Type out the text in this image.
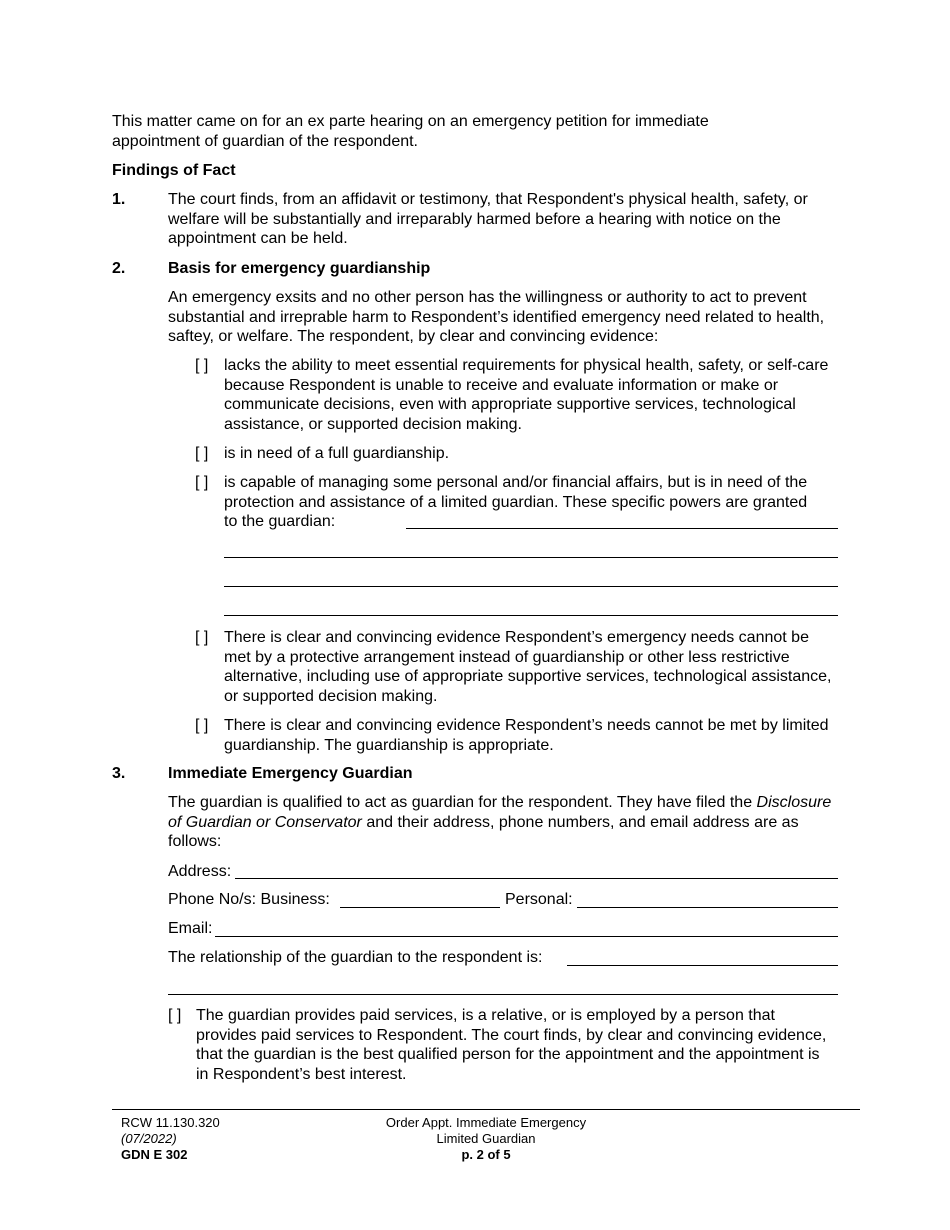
This matter came on for an ex parte hearing on an emergency petition for immediate appointment of guardian of the respondent.

Findings of Fact
1.	The court finds, from an affidavit or testimony, that Respondent's physical health, safety, or welfare will be substantially and irreparably harmed before a hearing with notice on the appointment can be held.

2.	Basis for emergency guardianship

An emergency exsits and no other person has the willingness or authority to act to prevent substantial and irreprable harm to Respondent’s identified emergency need related to health, saftey, or welfare. The respondent, by clear and convincing evidence:

[ ] lacks the ability to meet essential requirements for physical health, safety, or self-care because Respondent is unable to receive and evaluate information or make or communicate decisions, even with appropriate supportive services, technological assistance, or supported decision making.

[ ] is in need of a full guardianship.

[ ] is capable of managing some personal and/or financial affairs, but is in need of the protection and assistance of a limited guardian. These specific powers are granted to the guardian:

[ ] There is clear and convincing evidence Respondent’s emergency needs cannot be met by a protective arrangement instead of guardianship or other less restrictive alternative, including use of appropriate supportive services, technological assistance, or supported decision making.

[ ] There is clear and convincing evidence Respondent’s needs cannot be met by limited guardianship. The guardianship is appropriate.

3.	Immediate Emergency Guardian

The guardian is qualified to act as guardian for the respondent. They have filed the Disclosure of Guardian or Conservator and their address, phone numbers, and email address are as follows:

Address:
Phone No/s: Business:	Personal:
Email:
The relationship of the guardian to the respondent is:
[ ] The guardian provides paid services, is a relative, or is employed by a person that provides paid services to Respondent. The court finds, by clear and convincing evidence, that the guardian is the best qualified person for the appointment and the appointment is in Respondent’s best interest.

RCW 11.130.320
(07/2022)
GDN E 302
Order Appt. Immediate Emergency
Limited Guardian
p. 2 of 5
